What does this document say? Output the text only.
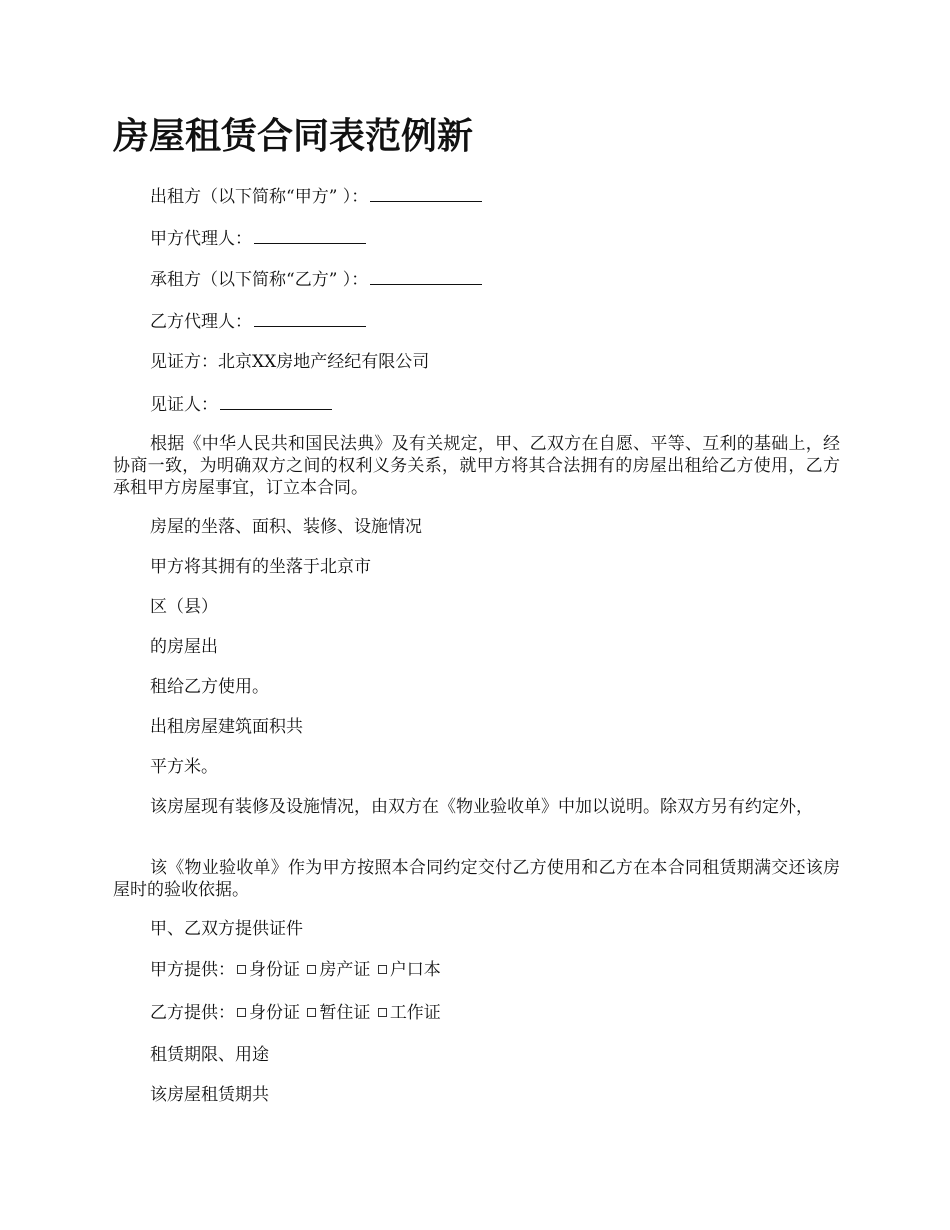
房屋租赁合同表范例新
出租方（以下简称“甲方” ）：
甲方代理人：
承租方（以下简称“乙方” ）：
乙方代理人：
见证方：北京XX房地产经纪有限公司
见证人：
根据《中华人民共和国民法典》及有关规定，甲、乙双方在自愿、平等、互利的基础上，经协商一致，为明确双方之间的权利义务关系，就甲方将其合法拥有的房屋出租给乙方使用，乙方承租甲方房屋事宜，订立本合同。
房屋的坐落、面积、装修、设施情况
甲方将其拥有的坐落于北京市
区（县）
的房屋出
租给乙方使用。
出租房屋建筑面积共
平方米。
该房屋现有装修及设施情况，由双方在《物业验收单》中加以说明。除双方另有约定外，
该《物业验收单》作为甲方按照本合同约定交付乙方使用和乙方在本合同租赁期满交还该房屋时的验收依据。
甲、乙双方提供证件
甲方提供： 身份证 房产证 户口本
乙方提供： 身份证 暂住证 工作证
租赁期限、用途
该房屋租赁期共
